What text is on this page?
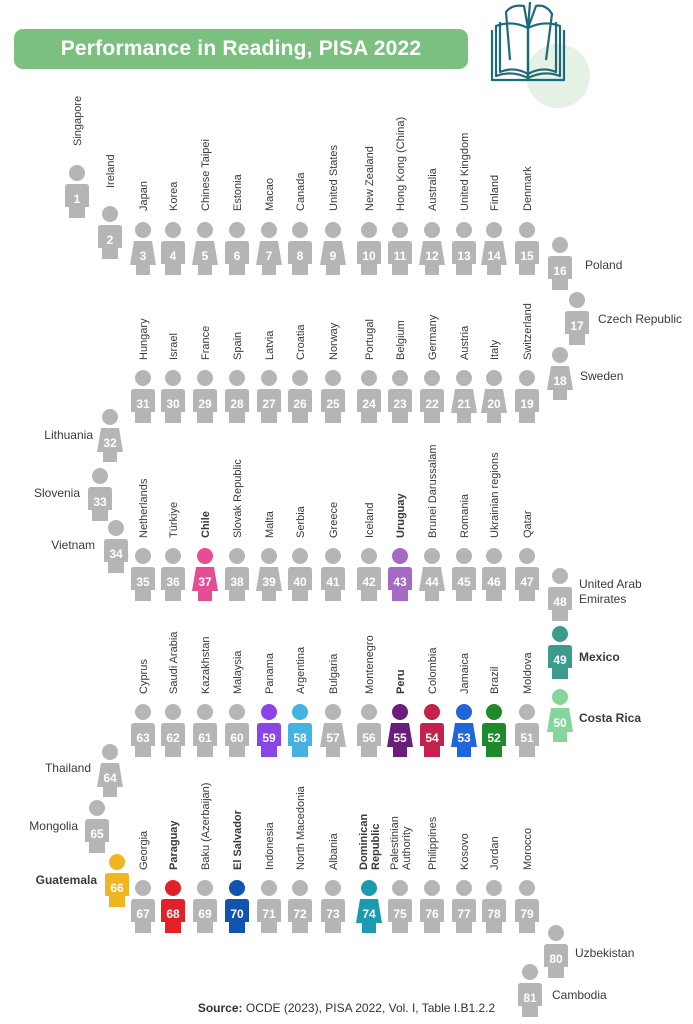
Performance in Reading, PISA 2022
1
Singapore
2
Ireland
3
Japan
4
Korea
5
Chinese Taipei
6
Estonia
7
Macao
8
Canada
9
United States
10
New Zealand
11
Hong Kong (China)
12
Australia
13
United Kingdom
14
Finland
15
Denmark
16 Poland
17 Czech Republic
18 Sweden
19
Switzerland
20
Italy
21
Austria
22
Germany
23
Belgium
24
Portugal
25
Norway
26
Croatia
27
Latvia
28
Spain
29
France
30
Israel
31
Hungary
32
Lithuania
33
Slovenia
34
Vietnam
35
Netherlands
36
Türkiye
37
Chile
38
Slovak Republic
39
Malta
40
Serbia
41
Greece
42
Iceland
43
Uruguay
44
Brunei Darussalam
45
Romania
46
Ukrainian regions
47
Qatar
48
United Arab
Emirates
49 Mexico
50 Costa Rica
51
Moldova
52
Brazil
53
Jamaica
54
Colombia
55
Peru
56
Montenegro
57
Bulgaria
58
Argentina
59
Panama
60
Malaysia
61
Kazakhstan
62
Saudi Arabia
63
Cyprus
64
Thailand
65
Mongolia
66
Guatemala
67
Georgia
68
Paraguay
69
Baku (Azerbaijan)
70
El Salvador
71
Indonesia
72
North Macedonia
73
Albania
74
Dominican Republic
75
Palestinian Authority
76
Philippines
77
Kosovo
78
Jordan
79
Morocco
80 Uzbekistan
81 Cambodia
Source: OCDE (2023), PISA 2022, Vol. I, Table I.B1.2.2
